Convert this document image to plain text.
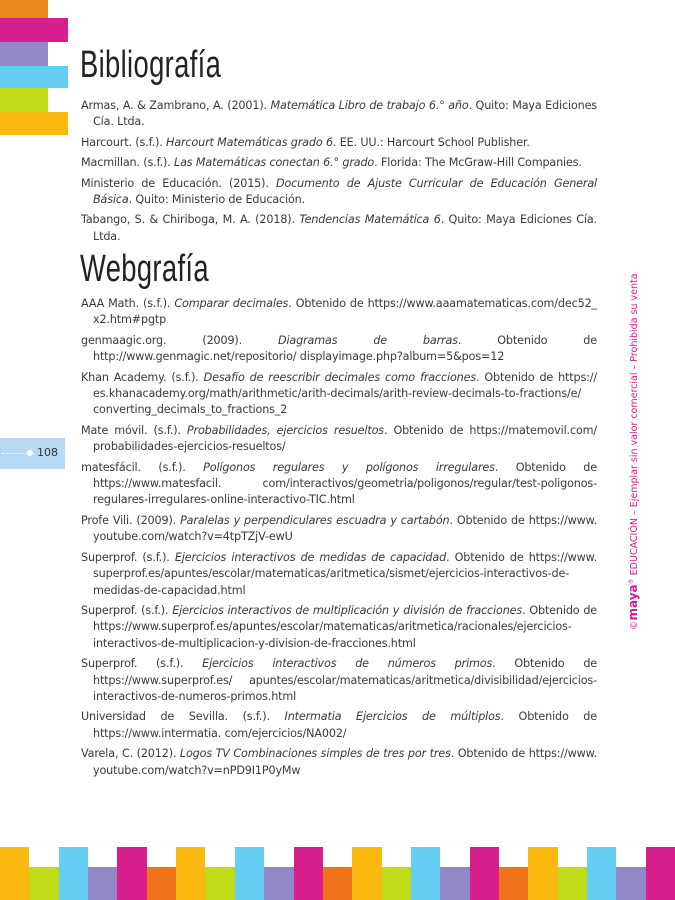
Bibliografía
Armas, A. & Zambrano, A. (2001). Matemática Libro de trabajo 6.° año. Quito: Maya Ediciones Cía. Ltda.
Harcourt. (s.f.). Harcourt Matemáticas grado 6. EE. UU.: Harcourt School Publisher.
Macmillan. (s.f.). Las Matemáticas conectan 6.° grado. Florida: The McGraw-Hill Companies.
Ministerio de Educación. (2015). Documento de Ajuste Curricular de Educación General Básica. Quito: Ministerio de Educación.
Tabango, S. & Chiriboga, M. A. (2018). Tendencias Matemática 6. Quito: Maya Ediciones Cía. Ltda.
Webgrafía
AAA Math. (s.f.). Comparar decimales. Obtenido de https://www.aaamatematicas.com/dec52_ x2.htm#pgtp
genmaagic.org. (2009). Diagramas de barras. Obtenido de http://www.genmagic.net/repositorio/ displayimage.php?album=5&pos=12
Khan Academy. (s.f.). Desafío de reescribir decimales como fracciones. Obtenido de https:// es.khanacademy.org/math/arithmetic/arith-decimals/arith-review-decimals-to-fractions/e/ converting_decimals_to_fractions_2
Mate móvil. (s.f.). Probabilidades, ejercicios resueltos. Obtenido de https://matemovil.com/ probabilidades-ejercicios-resueltos/
matesfácil. (s.f.). Polígonos regulares y polígonos irregulares. Obtenido de https://www.matesfacil. com/interactivos/geometria/poligonos/regular/test-poligonos-regulares-irregulares-online-interactivo-TIC.html
Profe Vili. (2009). Paralelas y perpendiculares escuadra y cartabón. Obtenido de https://www. youtube.com/watch?v=4tpTZjV-ewU
Superprof. (s.f.). Ejercicios interactivos de medidas de capacidad. Obtenido de https://www. superprof.es/apuntes/escolar/matematicas/aritmetica/sismet/ejercicios-interactivos-de-medidas-de-capacidad.html
Superprof. (s.f.). Ejercicios interactivos de multiplicación y división de fracciones. Obtenido de https://www.superprof.es/apuntes/escolar/matematicas/aritmetica/racionales/ejercicios-interactivos-de-multiplicacion-y-division-de-fracciones.html
Superprof. (s.f.). Ejercicios interactivos de números primos. Obtenido de https://www.superprof.es/ apuntes/escolar/matematicas/aritmetica/divisibilidad/ejercicios-interactivos-de-numeros-primos.html
Universidad de Sevilla. (s.f.). Intermatia Ejercicios de múltiplos. Obtenido de https://www.intermatia. com/ejercicios/NA002/
Varela, C. (2012). Logos TV Combinaciones simples de tres por tres. Obtenido de https://www. youtube.com/watch?v=nPD9I1P0yMw
108
©maya® EDUCACIÓN – Ejemplar sin valor comercial – Prohibida su venta
